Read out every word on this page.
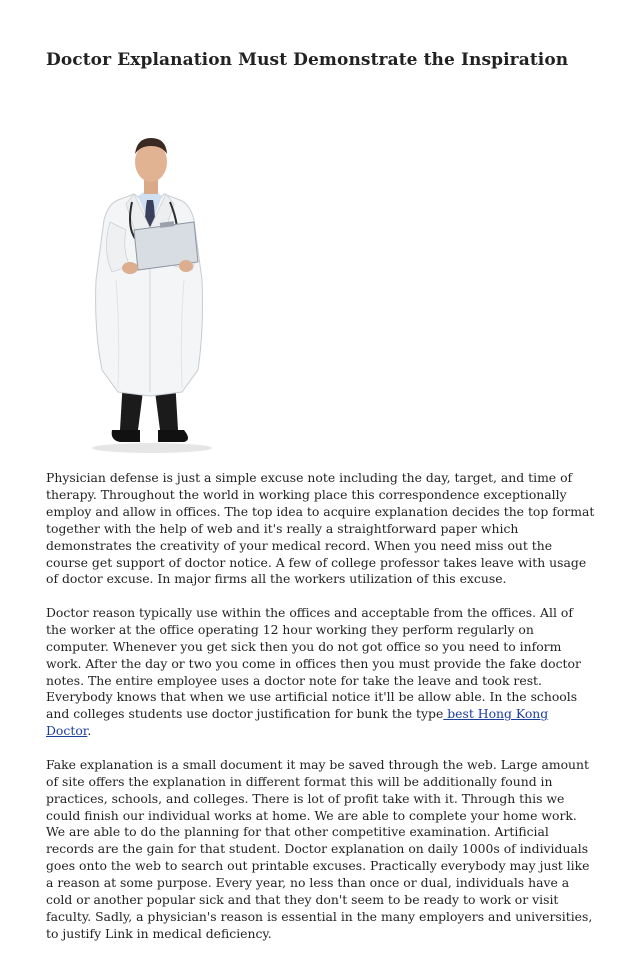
Doctor Explanation Must Demonstrate the Inspiration

Physician defense is just a simple excuse note including the day, target, and time of therapy. Throughout the world in working place this correspondence exceptionally employ and allow in offices. The top idea to acquire explanation decides the top format together with the help of web and it's really a straightforward paper which demonstrates the creativity of your medical record. When you need miss out the course get support of doctor notice. A few of college professor takes leave with usage of doctor excuse. In major firms all the workers utilization of this excuse.

Doctor reason typically use within the offices and acceptable from the offices. All of the worker at the office operating 12 hour working they perform regularly on computer. Whenever you get sick then you do not got office so you need to inform work. After the day or two you come in offices then you must provide the fake doctor notes. The entire employee uses a doctor note for take the leave and took rest. Everybody knows that when we use artificial notice it'll be allow able. In the schools and colleges students use doctor justification for bunk the type best Hong Kong Doctor.

Fake explanation is a small document it may be saved through the web. Large amount of site offers the explanation in different format this will be additionally found in practices, schools, and colleges. There is lot of profit take with it. Through this we could finish our individual works at home. We are able to complete your home work. We are able to do the planning for that other competitive examination. Artificial records are the gain for that student. Doctor explanation on daily 1000s of individuals goes onto the web to search out printable excuses. Practically everybody may just like a reason at some purpose. Every year, no less than once or dual, individuals have a cold or another popular sick and that they don't seem to be ready to work or visit faculty. Sadly, a physician's reason is essential in the many employers and universities, to justify Link in medical deficiency.
